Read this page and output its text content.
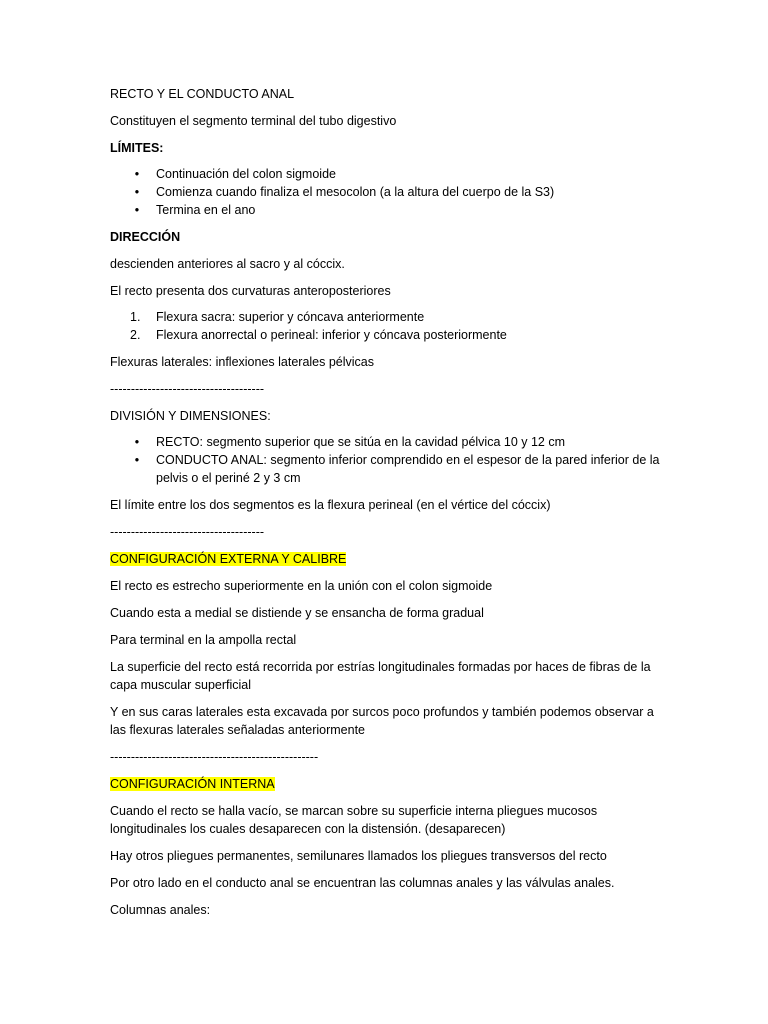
RECTO Y EL CONDUCTO ANAL

Constituyen el segmento terminal del tubo digestivo

LÍMITES:

•	Continuación del colon sigmoide
•	Comienza cuando finaliza el mesocolon (a la altura del cuerpo de la S3)
•	Termina en el ano

DIRECCIÓN

descienden anteriores al sacro y al cóccix.

El recto presenta dos curvaturas anteroposteriores

1.	Flexura sacra: superior y cóncava anteriormente
2.	Flexura anorrectal o perineal: inferior y cóncava posteriormente

Flexuras laterales: inflexiones laterales pélvicas

-------------------------------------

DIVISIÓN Y DIMENSIONES:

•	RECTO: segmento superior que se sitúa en la cavidad pélvica 10 y 12 cm
•	CONDUCTO ANAL: segmento inferior comprendido en el espesor de la pared inferior de la pelvis o el periné 2 y 3 cm

El límite entre los dos segmentos es la flexura perineal (en el vértice del cóccix)

-------------------------------------

CONFIGURACIÓN EXTERNA Y CALIBRE

El recto es estrecho superiormente en la unión con el colon sigmoide

Cuando esta a medial se distiende y se ensancha de forma gradual

Para terminal en la ampolla rectal

La superficie del recto está recorrida por estrías longitudinales formadas por haces de fibras de la capa muscular superficial

Y en sus caras laterales esta excavada por surcos poco profundos y también podemos observar a las flexuras laterales señaladas anteriormente

--------------------------------------------------

CONFIGURACIÓN INTERNA

Cuando el recto se halla vacío, se marcan sobre su superficie interna pliegues mucosos longitudinales los cuales desaparecen con la distensión. (desaparecen)

Hay otros pliegues permanentes, semilunares llamados los pliegues transversos del recto

Por otro lado en el conducto anal se encuentran las columnas anales y las válvulas anales.

Columnas anales:
